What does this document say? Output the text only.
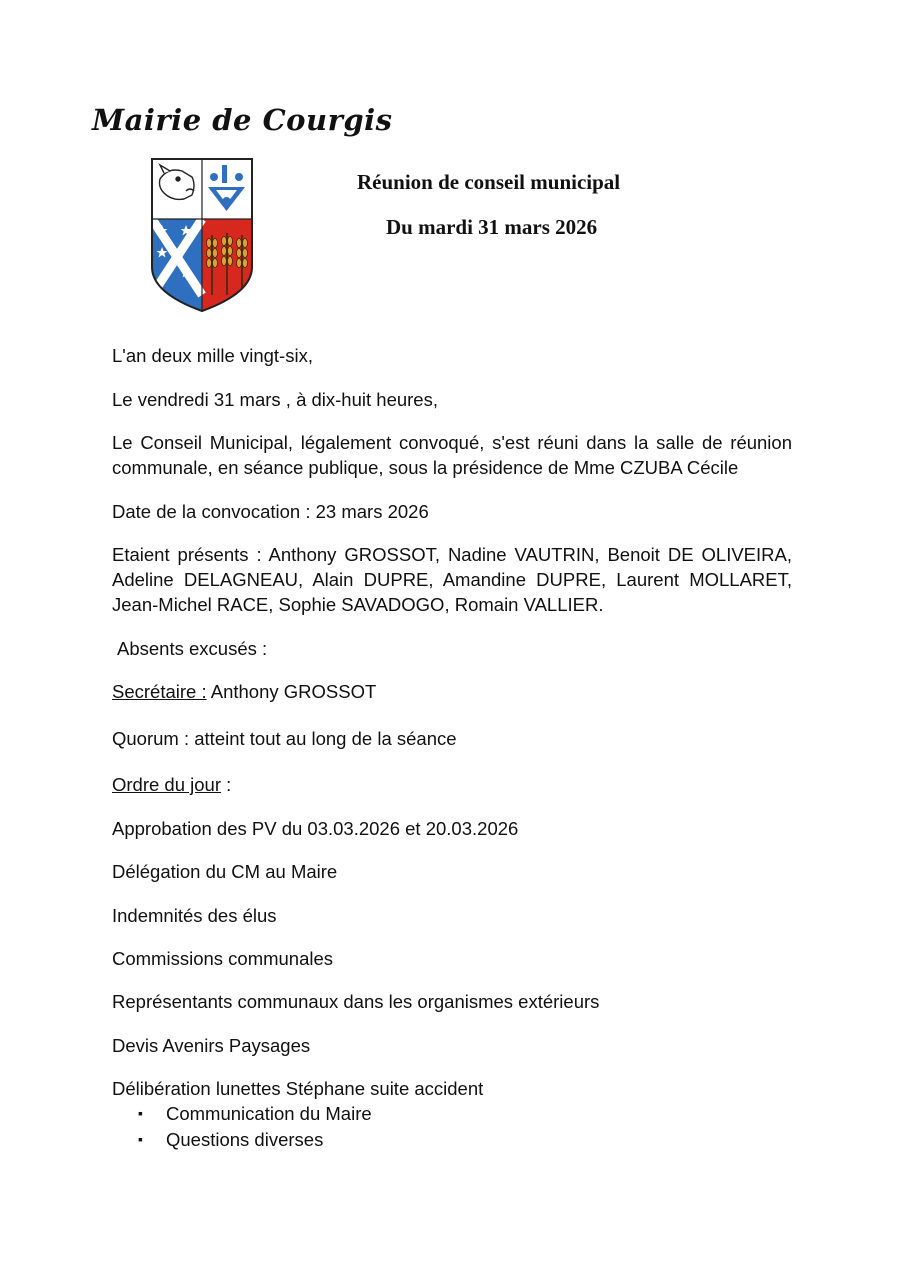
Mairie de Courgis
Réunion de conseil municipal
Du mardi 31 mars 2026
L'an deux mille vingt-six,
Le vendredi 31 mars , à dix-huit heures,
Le Conseil Municipal, légalement convoqué, s'est réuni dans la salle de réunion communale, en séance publique, sous la présidence de Mme CZUBA Cécile
Date de la convocation : 23 mars 2026
Etaient présents : Anthony GROSSOT, Nadine VAUTRIN, Benoit DE OLIVEIRA, Adeline DELAGNEAU, Alain DUPRE, Amandine DUPRE, Laurent MOLLARET, Jean-Michel RACE, Sophie SAVADOGO, Romain VALLIER.
Absents excusés :
Secrétaire : Anthony GROSSOT
Quorum : atteint tout au long de la séance
Ordre du jour :
Approbation des PV du 03.03.2026 et 20.03.2026
Délégation du CM au Maire
Indemnités des élus
Commissions communales
Représentants communaux dans les organismes extérieurs
Devis Avenirs Paysages
Délibération lunettes Stéphane suite accident
▪ Communication du Maire
▪ Questions diverses
